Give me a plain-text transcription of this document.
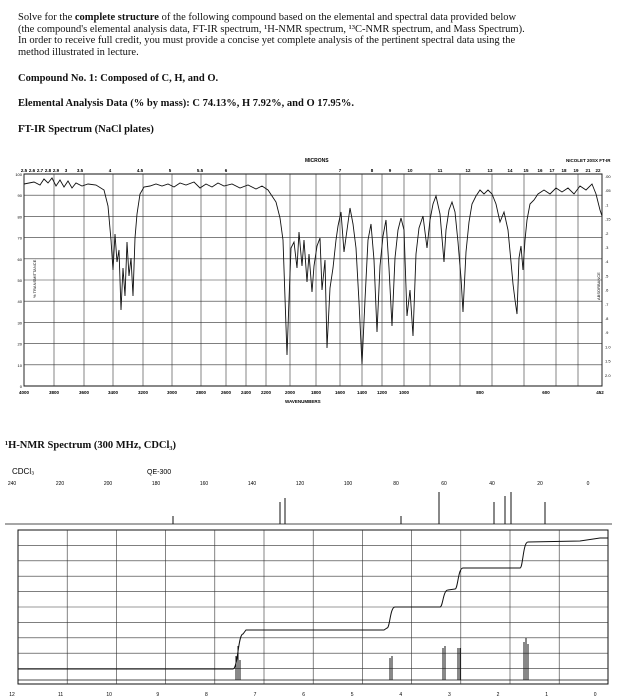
Solve for the complete structure of the following compound based on the elemental and spectral data provided below
(the compound's elemental analysis data, FT-IR spectrum, ¹H-NMR spectrum, ¹³C-NMR spectrum, and Mass Spectrum).
In order to receive full credit, you must provide a concise yet complete analysis of the pertinent spectral data using the
method illustrated in lecture.
Compound No. 1: Composed of C, H, and O.
Elemental Analysis Data (% by mass): C 74.13%, H 7.92%, and O 17.95%.
FT-IR Spectrum (NaCl plates)
MICRONS	NICOLET 20SX FT-IR
2.5 2.6 2.7 2.8 2.9 3 3.5	4	4.5	5	5.5	6	7	8	9	10	11	12	13	14 15 16 17 18 19 21 22
100
90
80
70
60
50
40
30
20
10
0
.00
.05
.1
.15
.2
.3
.4
.5
.6
.7
.8
.9
1.0
1.5
2.0
% TRANSMITTANCE	ABSORBANCE
4000	3800	3600	3400	3200	3000	2800	2600 2400 2200	2000	1800	1600	1400 1200	1000	800	600	452
WAVENUMBERS
¹H-NMR Spectrum (300 MHz, CDCl₃)
CDCl₃	QE-300
240	220	200	180	160	140	120	100	80	60	40	20	0
12	11	10	9	8	7	6	5	4	3	2	1	0
